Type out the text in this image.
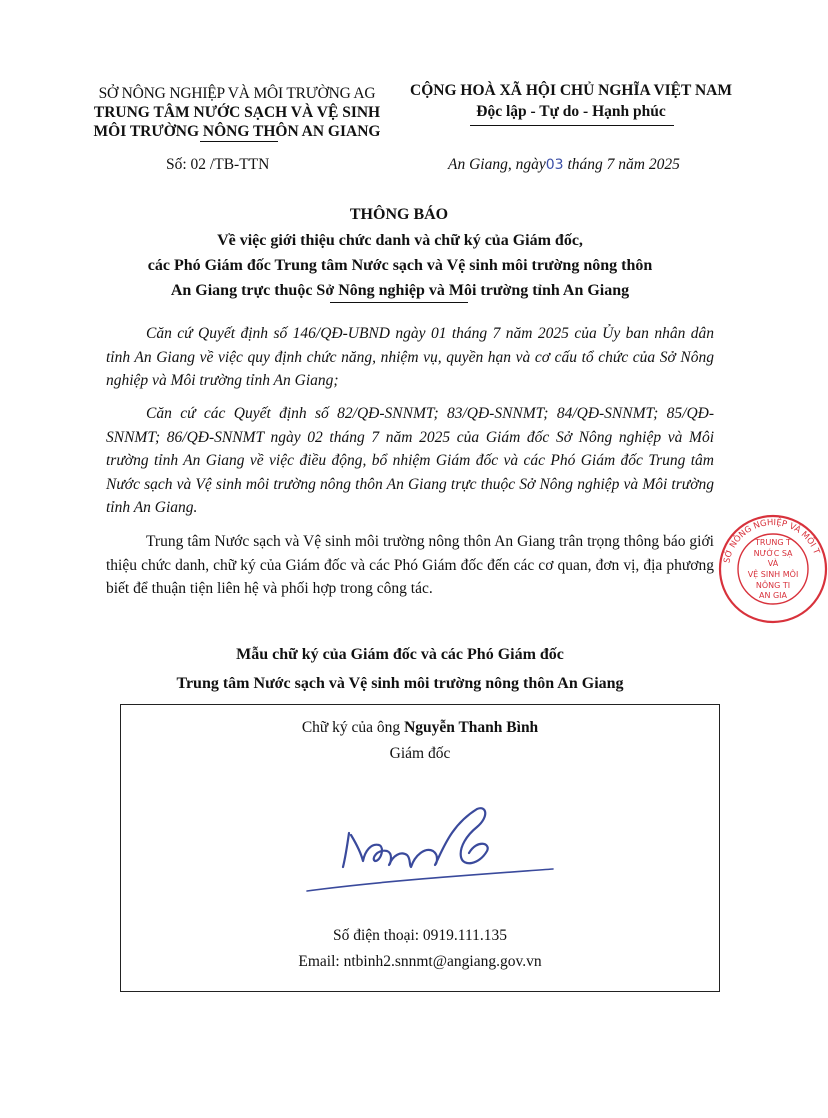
SỞ NÔNG NGHIỆP VÀ MÔI TRƯỜNG AG
TRUNG TÂM NƯỚC SẠCH VÀ VỆ SINH
MÔI TRƯỜNG NÔNG THÔN AN GIANG
CỘNG HOÀ XÃ HỘI CHỦ NGHĨA VIỆT NAM
Độc lập - Tự do - Hạnh phúc
Số: 02 /TB-TTN	An Giang, ngày03 tháng 7 năm 2025
THÔNG BÁO
Về việc giới thiệu chức danh và chữ ký của Giám đốc,
các Phó Giám đốc Trung tâm Nước sạch và Vệ sinh môi trường nông thôn
An Giang trực thuộc Sở Nông nghiệp và Môi trường tỉnh An Giang
Căn cứ Quyết định số 146/QĐ-UBND ngày 01 tháng 7 năm 2025 của Ủy ban nhân dân tỉnh An Giang về việc quy định chức năng, nhiệm vụ, quyền hạn và cơ cấu tổ chức của Sở Nông nghiệp và Môi trường tỉnh An Giang;
Căn cứ các Quyết định số 82/QĐ-SNNMT; 83/QĐ-SNNMT; 84/QĐ-SNNMT; 85/QĐ-SNNMT; 86/QĐ-SNNMT ngày 02 tháng 7 năm 2025 của Giám đốc Sở Nông nghiệp và Môi trường tỉnh An Giang về việc điều động, bổ nhiệm Giám đốc và các Phó Giám đốc Trung tâm Nước sạch và Vệ sinh môi trường nông thôn An Giang trực thuộc Sở Nông nghiệp và Môi trường tỉnh An Giang.
Trung tâm Nước sạch và Vệ sinh môi trường nông thôn An Giang trân trọng thông báo giới thiệu chức danh, chữ ký của Giám đốc và các Phó Giám đốc đến các cơ quan, đơn vị, địa phương biết để thuận tiện liên hệ và phối hợp trong công tác.
SỞ NÔNG NGHIỆP VÀ MÔI T
TRUNG T
NƯỚC SẠ
VÀ
VỆ SINH MÔI
NÔNG TI
AN GIA
Mẫu chữ ký của Giám đốc và các Phó Giám đốc
Trung tâm Nước sạch và Vệ sinh môi trường nông thôn An Giang
Chữ ký của ông Nguyễn Thanh Bình
Giám đốc
Số điện thoại: 0919.111.135
Email: ntbinh2.snnmt@angiang.gov.vn
